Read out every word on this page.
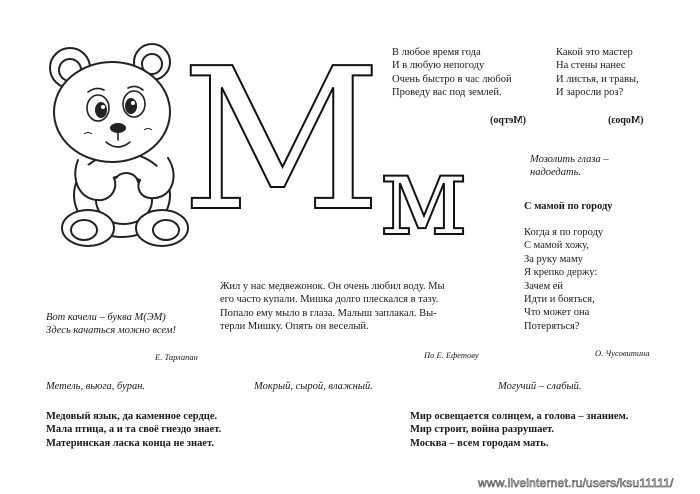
М
м
В любое время года
И в любую непогоду
Очень быстро в час любой
Проведу вас под землей.
(Метро)
Какой это мастер
На стены нанес
И листья, и травы,
И заросли роз?
(Мороз)
Мозолить глаза –
надоедать.
С мамой по городу
Когда я по городу
С мамой хожу,
За руку маму
Я крепко держу:
Зачем ей
Идти и бояться,
Что может она
Потеряться?
О. Чусовитина
Жил у нас медвежонок. Он очень любил воду. Мы
его часто купали. Мишка долго плескался в тазу.
Попало ему мыло в глаза. Малыш заплакал. Вы-
терли Мишку. Опять он веселый.
По Е. Ефетову
Вот качели – буква М(ЭМ)
Здесь качаться можно всем!
Е. Тарлапан
Метель, вьюга, буран.	Мокрый, сырой, влажный.	Могучий – слабый.
Медовый язык, да каменное сердце.
Мала птица, а и та своё гнездо знает.
Материнская ласка конца не знает.
Мир освещается солнцем, а голова – знанием.
Мир строит, война разрушает.
Москва – всем городам мать.
www.liveinternet.ru/users/ksu11111/
